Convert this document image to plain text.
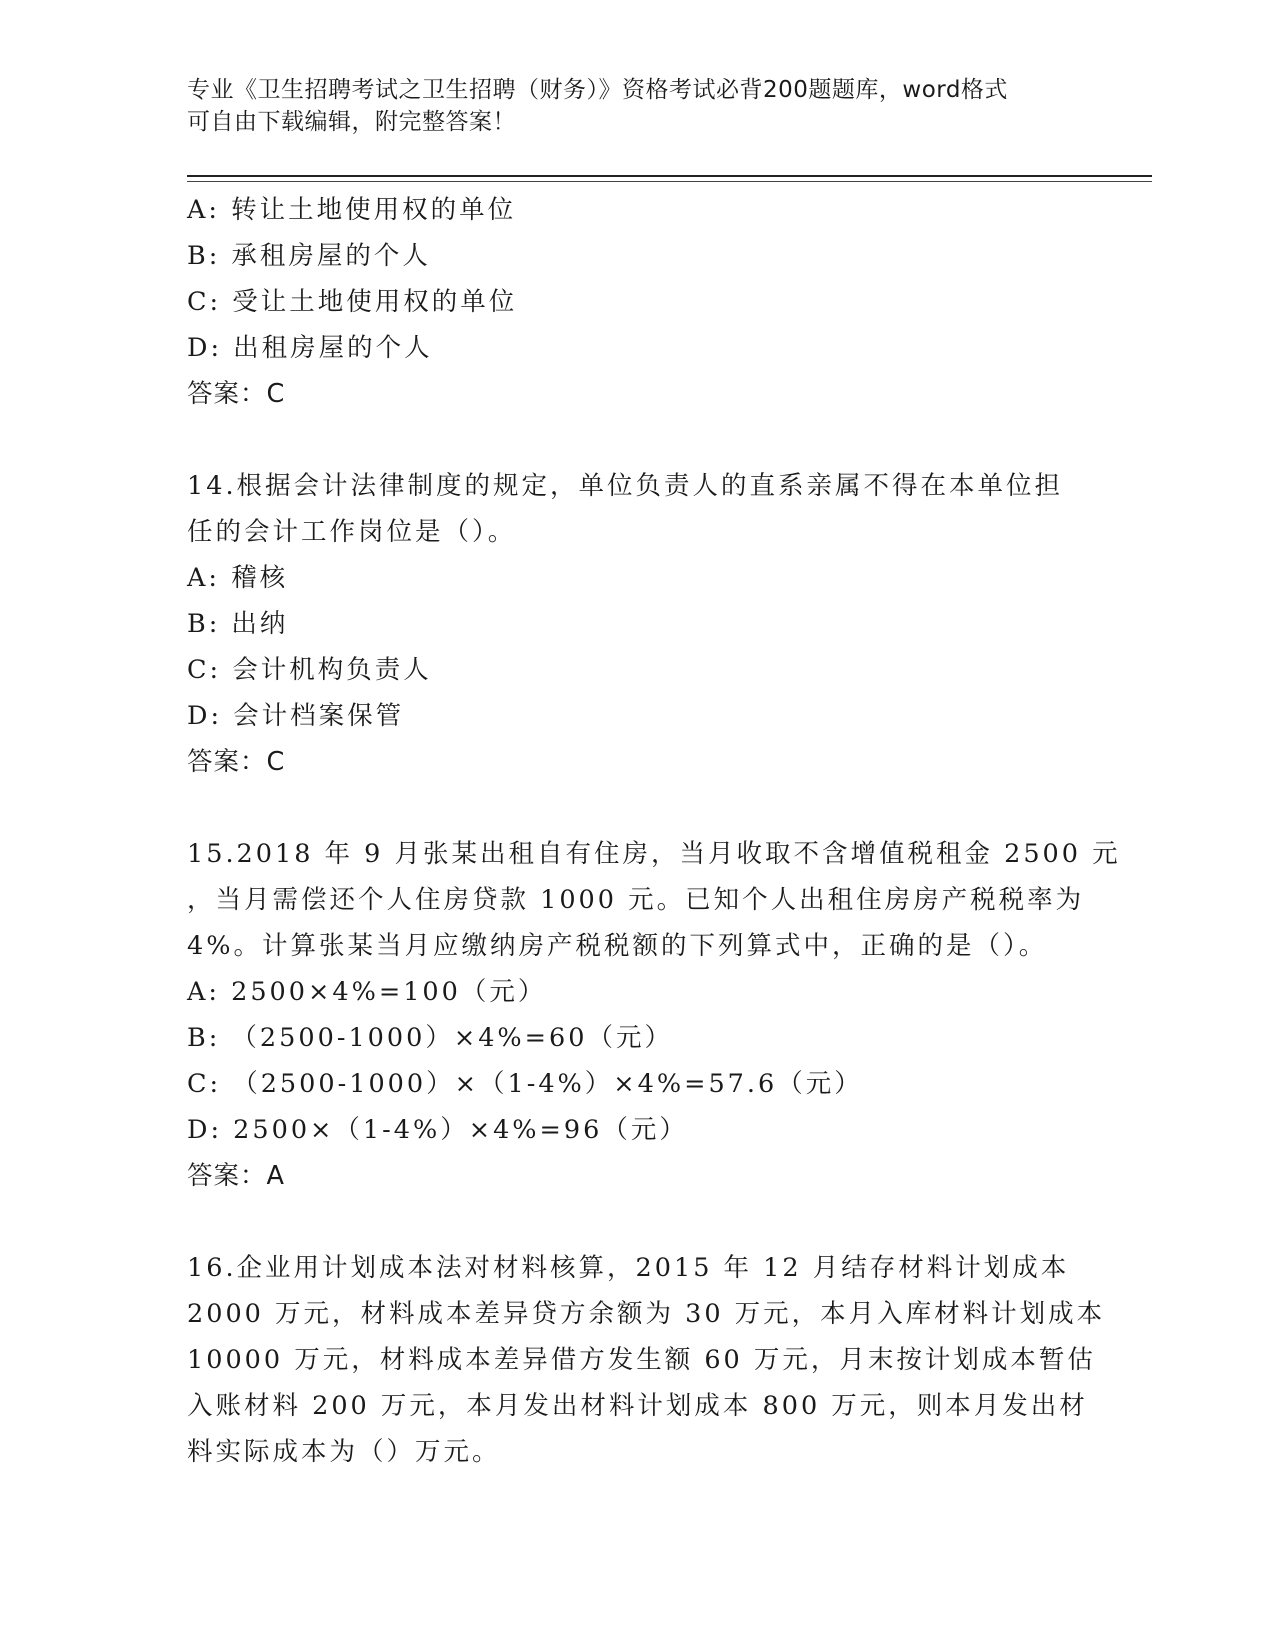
专业《卫生招聘考试之卫生招聘（财务）》资格考试必背200题题库，word格式
可自由下载编辑，附完整答案！
A: 转让土地使用权的单位
B: 承租房屋的个人
C: 受让土地使用权的单位
D: 出租房屋的个人
答案：C
14.根据会计法律制度的规定，单位负责人的直系亲属不得在本单位担
任的会计工作岗位是（）。
A: 稽核
B: 出纳
C: 会计机构负责人
D: 会计档案保管
答案：C
15.2018 年 9 月张某出租自有住房，当月收取不含增值税租金 2500 元
，当月需偿还个人住房贷款 1000 元。已知个人出租住房房产税税率为
4%。计算张某当月应缴纳房产税税额的下列算式中，正确的是（）。
A: 2500×4%=100（元）
B: （2500-1000）×4%=60（元）
C: （2500-1000）×（1-4%）×4%=57.6（元）
D: 2500×（1-4%）×4%=96（元）
答案：A
16.企业用计划成本法对材料核算，2015 年 12 月结存材料计划成本
2000 万元，材料成本差异贷方余额为 30 万元，本月入库材料计划成本
10000 万元，材料成本差异借方发生额 60 万元，月末按计划成本暂估
入账材料 200 万元，本月发出材料计划成本 800 万元，则本月发出材
料实际成本为（）万元。
